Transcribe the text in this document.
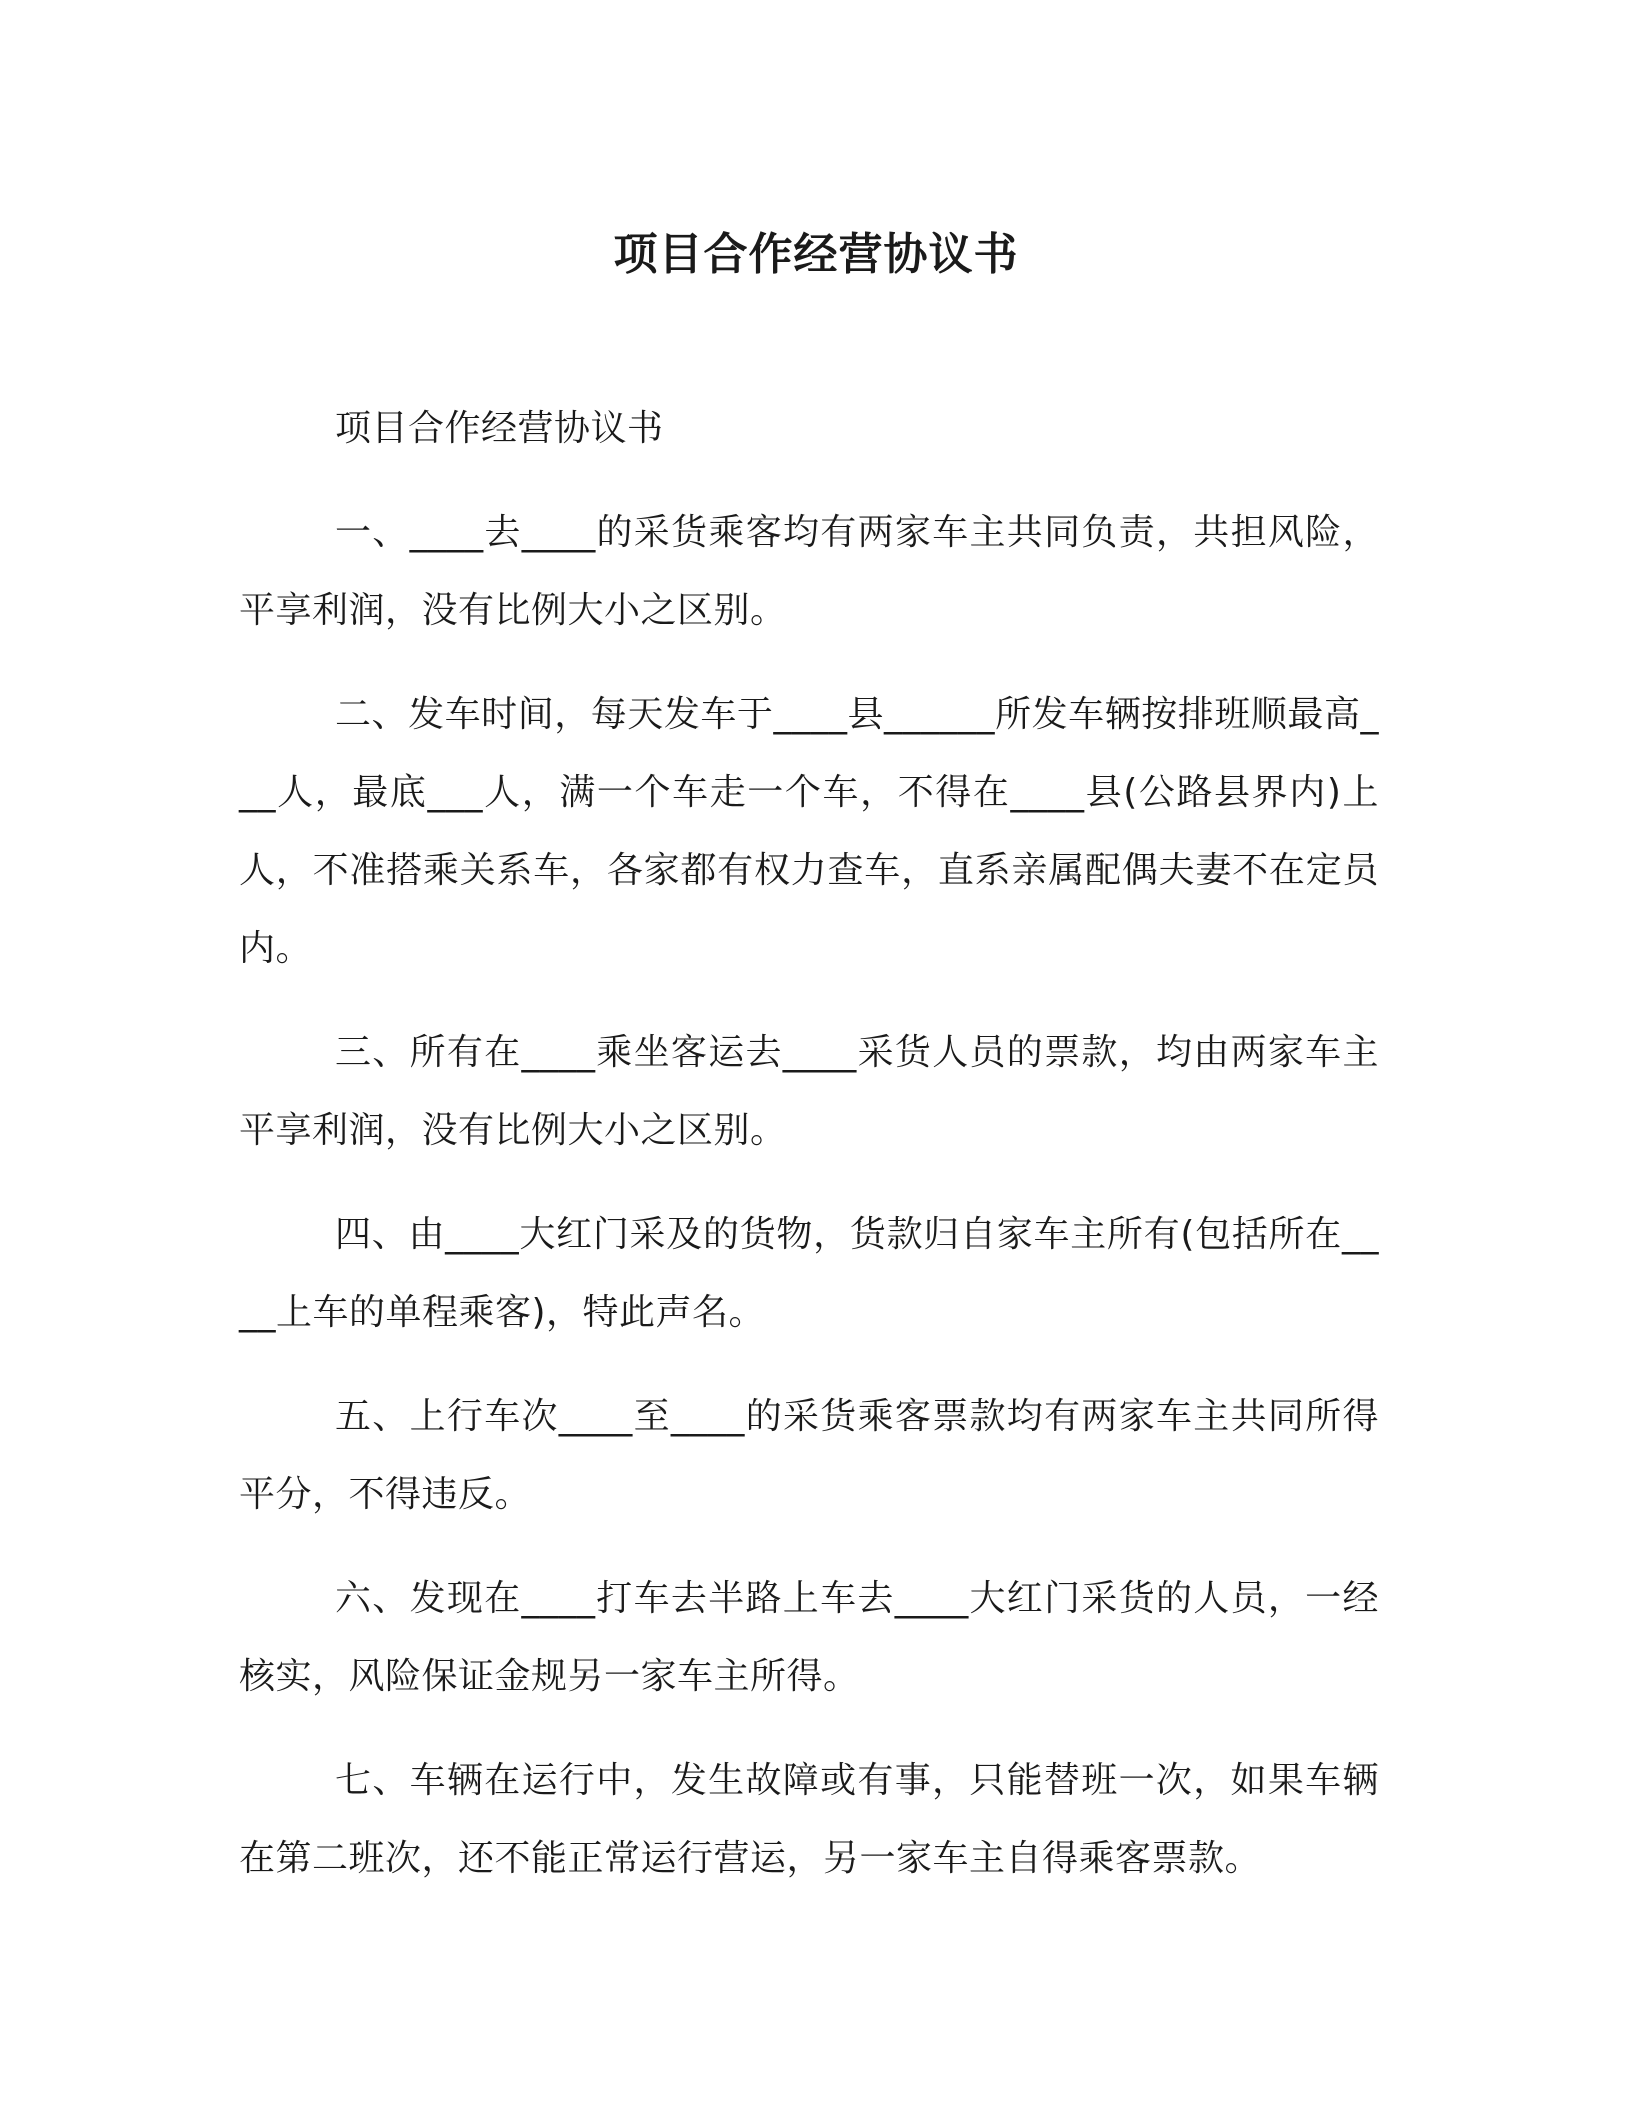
项目合作经营协议书

项目合作经营协议书

一、____去____的采货乘客均有两家车主共同负责，共担风险，平享利润，没有比例大小之区别。

二、发车时间，每天发车于____县______所发车辆按排班顺最高___人，最底___人，满一个车走一个车，不得在____县(公路县界内)上人，不准搭乘关系车，各家都有权力查车，直系亲属配偶夫妻不在定员内。

三、所有在____乘坐客运去____采货人员的票款，均由两家车主平享利润，没有比例大小之区别。

四、由____大红门采及的货物，货款归自家车主所有(包括所在____上车的单程乘客)，特此声名。

五、上行车次____至____的采货乘客票款均有两家车主共同所得平分，不得违反。

六、发现在____打车去半路上车去____大红门采货的人员，一经核实，风险保证金规另一家车主所得。

七、车辆在运行中，发生故障或有事，只能替班一次，如果车辆在第二班次，还不能正常运行营运，另一家车主自得乘客票款。
